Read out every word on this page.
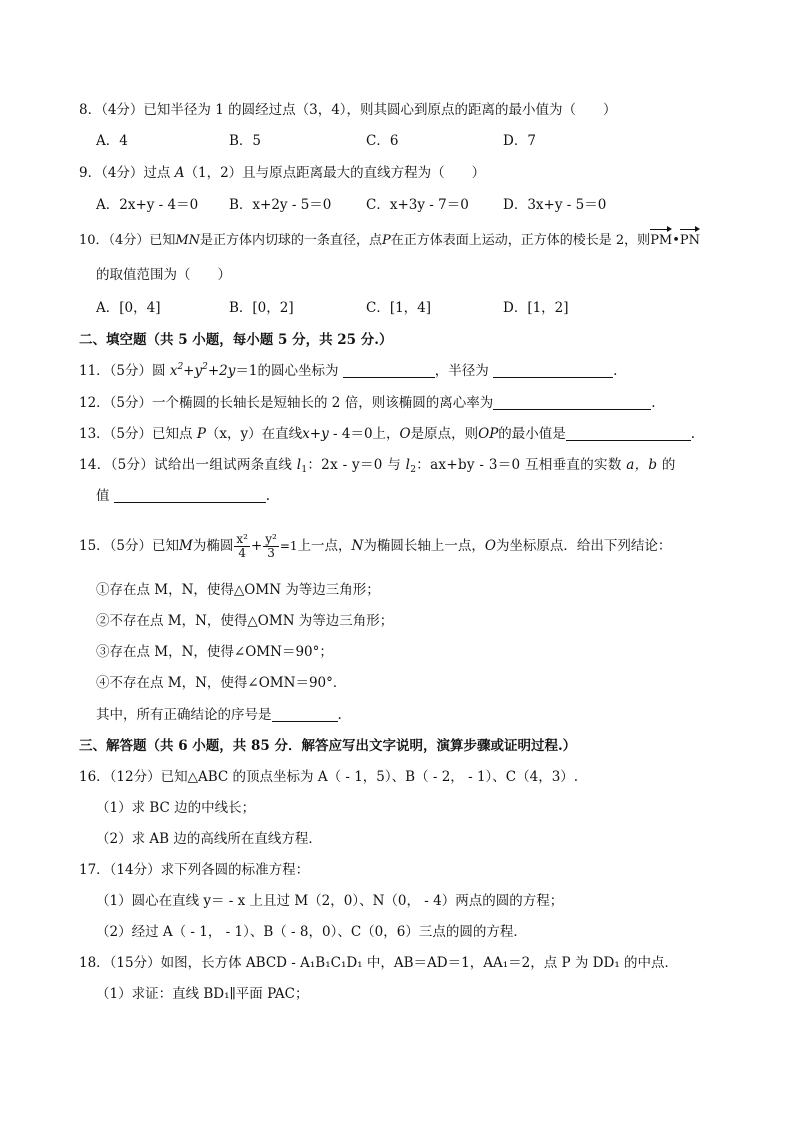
8．（4分）已知半径为 1 的圆经过点（3，4），则其圆心到原点的距离的最小值为（　　）
A．4	B．5	C．6	D．7
9．（4分）过点 A（1，2）且与原点距离最大的直线方程为（　　）
A．2x+y - 4＝0 B．x+2y - 5＝0	C．x+3y - 7＝0	D．3x+y - 5＝0
10．（4分）已知MN是正方体内切球的一条直径，点P在正方体表面上运动，正方体的棱长是 2，则PM•PN
的取值范围为（　　）
A．[0，4]	B．[0，2]	C．[1，4]	D．[1，2]
二、填空题（共 5 小题，每小题 5 分，共 25 分.）
11．（5分）圆 $x^2+y^2+2y=1$的圆心坐标为	，半径为	.
12．（5分）一个椭圆的长轴长是短轴长的 2 倍，则该椭圆的离心率为	.
13．（5分）已知点 P（x，y）在直线x+y - 4＝0上，O是原点，则OP的最小值是	.
14．（5分）试给出一组试两条直线 $l_1$：2x - y＝0 与 $l_2$：ax+by - 3＝0 互相垂直的实数 a，b 的
值	.
15．（5分）已知M为椭圆 $\frac{\text{x²}}{4} + \frac{\text{y²}}{3} =1$上一点，N为椭圆长轴上一点，O为坐标原点．给出下列结论：
①存在点 M，N，使得△OMN 为等边三角形；
②不存在点 M，N，使得△OMN 为等边三角形；
③存在点 M，N，使得∠OMN＝90°；
④不存在点 M，N，使得∠OMN＝90°．
其中，所有正确结论的序号是	.
三、解答题（共 6 小题，共 85 分．解答应写出文字说明，演算步骤或证明过程.）
16．（12分）已知△ABC 的顶点坐标为 A（ - 1，5）、B（ - 2， - 1）、C（4，3）.
（1）求 BC 边的中线长；
（2）求 AB 边的高线所在直线方程．
17．（14分）求下列各圆的标准方程：
（1）圆心在直线 y＝ - x 上且过 M（2，0）、N（0， - 4）两点的圆的方程；
（2）经过 A（ - 1， - 1）、B（ - 8，0）、C（0，6）三点的圆的方程．
18．（15分）如图，长方体 ABCD - A₁B₁C₁D₁ 中，AB＝AD＝1，AA₁＝2，点 P 为 DD₁ 的中点．
（1）求证：直线 BD₁∥平面 PAC；
